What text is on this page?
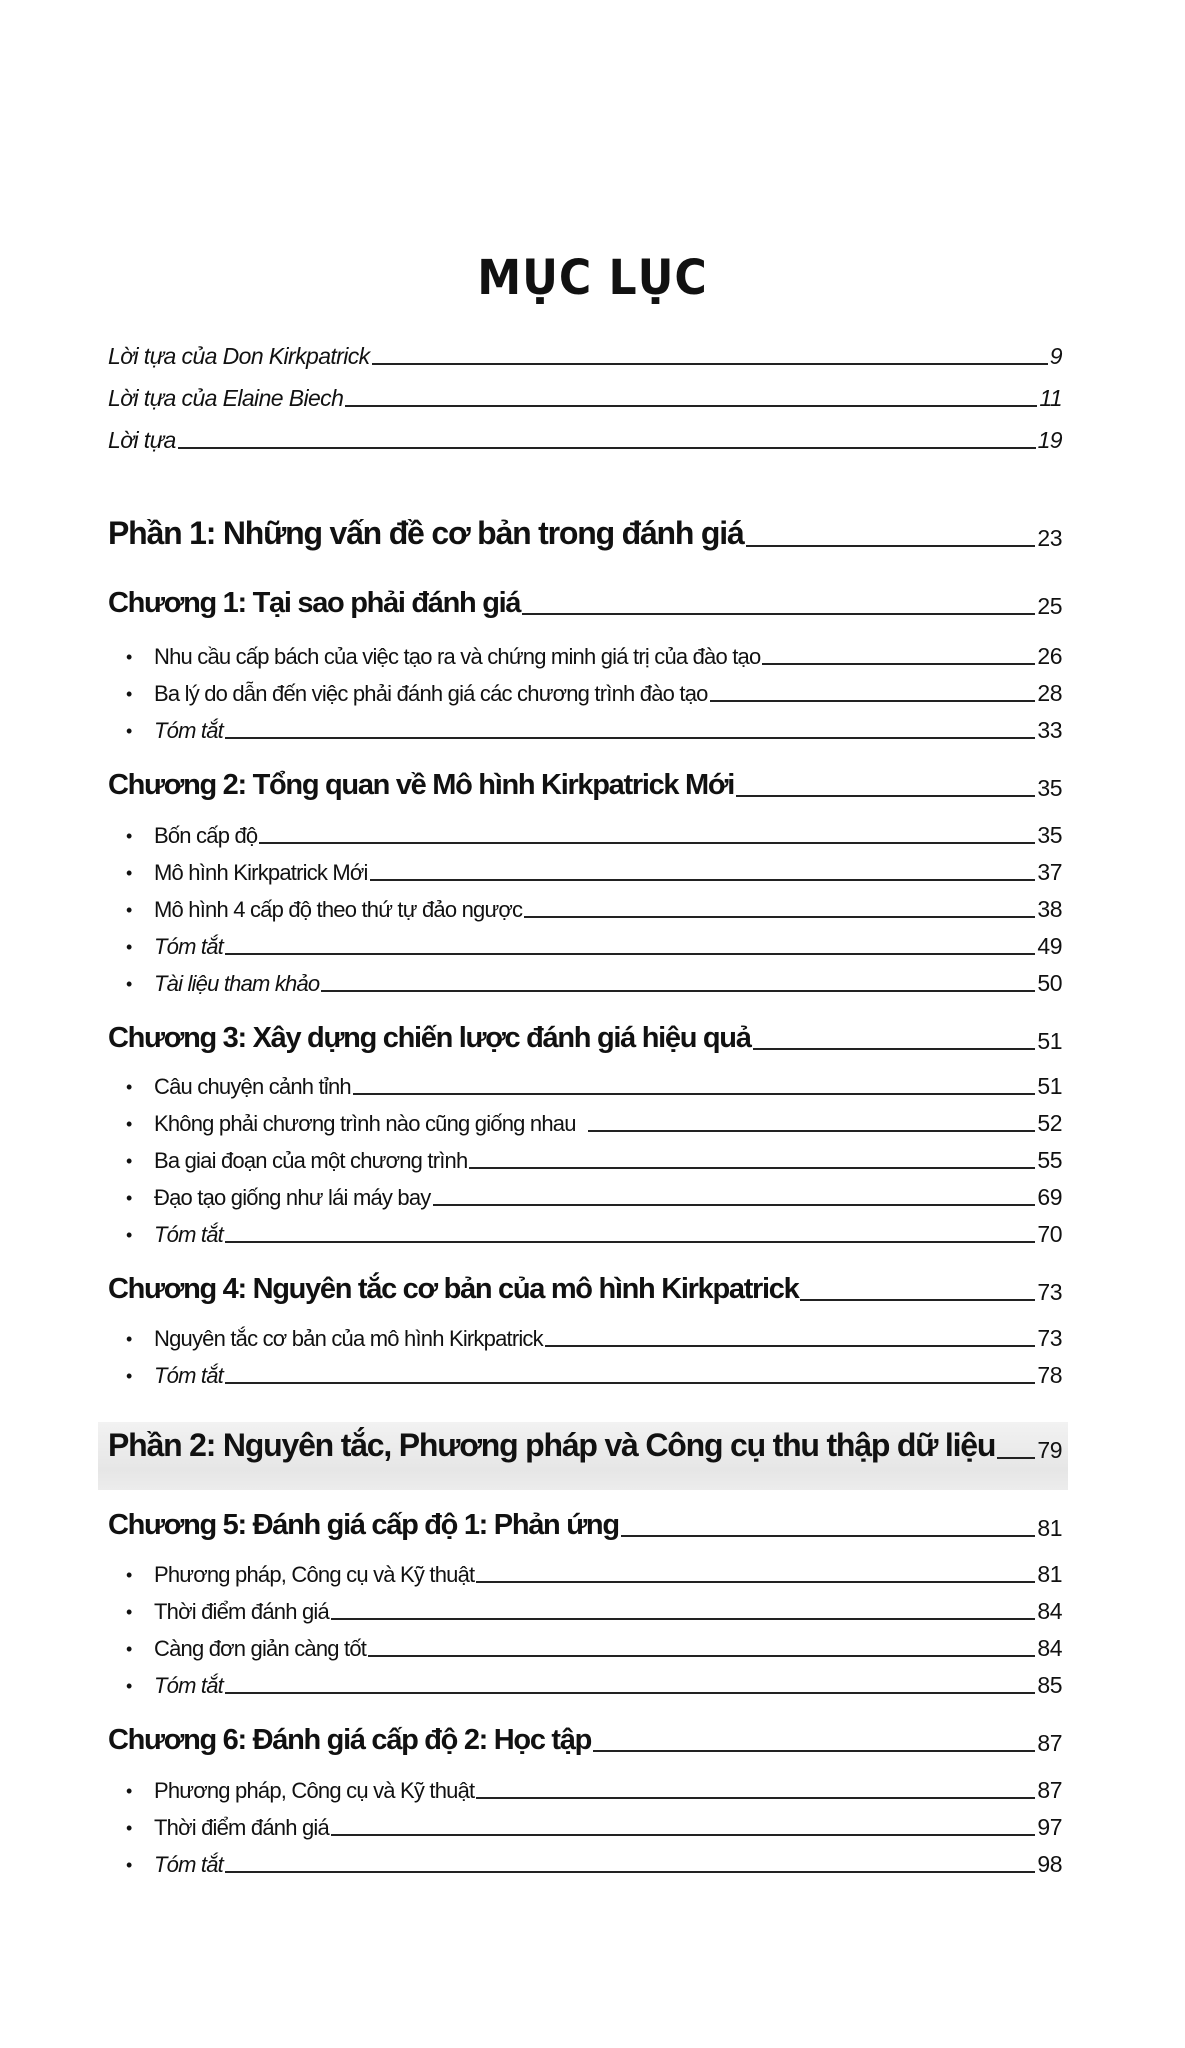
MỤC LỤC
Lời tựa của Don Kirkpatrick	9
Lời tựa của Elaine Biech	11
Lời tựa	19
Phần 1: Những vấn đề cơ bản trong đánh giá	23
Chương 1: Tại sao phải đánh giá	25
•	Nhu cầu cấp bách của việc tạo ra và chứng minh giá trị của đào tạo	26
•	Ba lý do dẫn đến việc phải đánh giá các chương trình đào tạo	28
•	Tóm tắt	33
Chương 2: Tổng quan về Mô hình Kirkpatrick Mới	35
•	Bốn cấp độ	35
•	Mô hình Kirkpatrick Mới	37
•	Mô hình 4 cấp độ theo thứ tự đảo ngược	38
•	Tóm tắt	49
•	Tài liệu tham khảo	50
Chương 3: Xây dựng chiến lược đánh giá hiệu quả	51
•	Câu chuyện cảnh tỉnh	51
•	Không phải chương trình nào cũng giống nhau	52
•	Ba giai đoạn của một chương trình	55
•	Đạo tạo giống như lái máy bay	69
•	Tóm tắt	70
Chương 4: Nguyên tắc cơ bản của mô hình Kirkpatrick	73
•	Nguyên tắc cơ bản của mô hình Kirkpatrick	73
•	Tóm tắt	78
Phần 2: Nguyên tắc, Phương pháp và Công cụ thu thập dữ liệu 79
Chương 5: Đánh giá cấp độ 1: Phản ứng	81
•	Phương pháp, Công cụ và Kỹ thuật	81
•	Thời điểm đánh giá	84
•	Càng đơn giản càng tốt	84
•	Tóm tắt	85
Chương 6: Đánh giá cấp độ 2: Học tập	87
•	Phương pháp, Công cụ và Kỹ thuật	87
•	Thời điểm đánh giá	97
•	Tóm tắt	98
